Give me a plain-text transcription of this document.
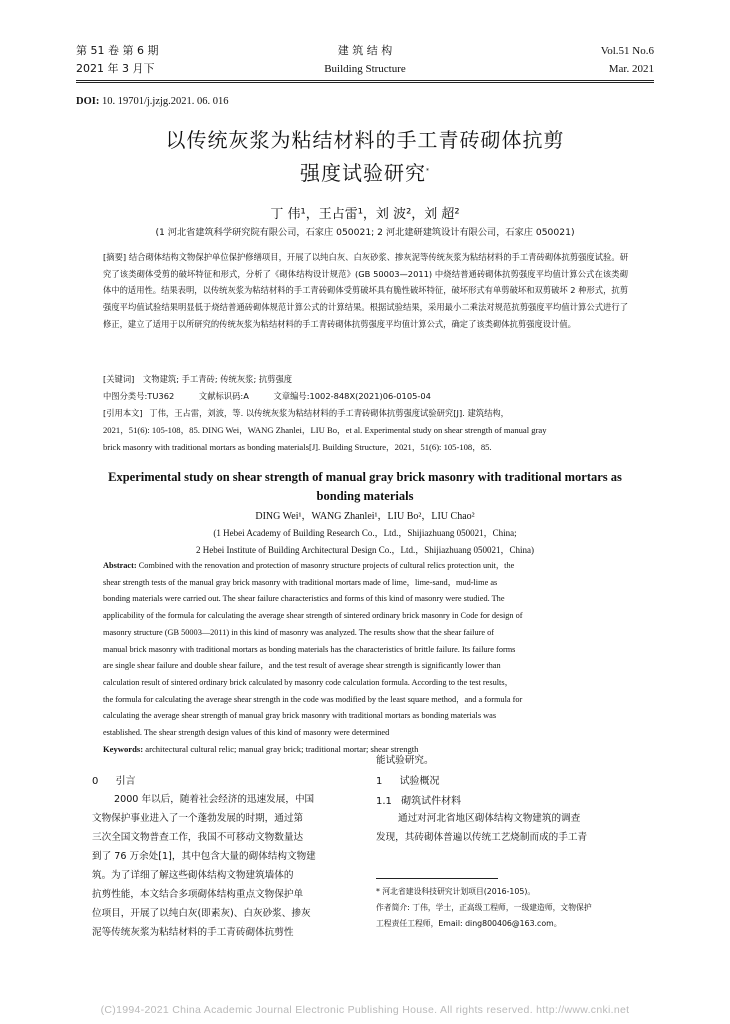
第 51 卷 第 6 期
2021 年 3 月下
建 筑 结 构
Building Structure
Vol.51 No.6
Mar. 2021
DOI: 10. 19701/j.jzjg.2021. 06. 016
以传统灰浆为粘结材料的手工青砖砌体抗剪
强度试验研究*
丁 伟¹，王占雷¹，刘 波²，刘 超²
(1 河北省建筑科学研究院有限公司，石家庄 050021; 2 河北建研建筑设计有限公司，石家庄 050021)
[摘要] 结合砌体结构文物保护单位保护修缮项目，开展了以纯白灰、白灰砂浆、掺灰泥等传统灰浆为粘结材料的手工青砖砌体抗剪强度试验。研究了该类砌体受剪的破坏特征和形式，分析了《砌体结构设计规范》(GB 50003—2011) 中烧结普通砖砌体抗剪强度平均值计算公式在该类砌体中的适用性。结果表明，以传统灰浆为粘结材料的手工青砖砌体受剪破坏具有脆性破坏特征，破坏形式有单剪破坏和双剪破坏 2 种形式，抗剪强度平均值试验结果明显低于烧结普通砖砌体规范计算公式的计算结果。根据试验结果，采用最小二乘法对规范抗剪强度平均值计算公式进行了修正，建立了适用于以所研究的传统灰浆为粘结材料的手工青砖砌体抗剪强度平均值计算公式，确定了该类砌体抗剪强度设计值。
[关键词] 文物建筑; 手工青砖; 传统灰浆; 抗剪强度
中图分类号:TU362	文献标识码:A	文章编号:1002-848X(2021)06-0105-04
[引用本文] 丁伟，王占雷，刘波，等. 以传统灰浆为粘结材料的手工青砖砌体抗剪强度试验研究[J]. 建筑结构，
2021，51(6): 105-108，85. DING Wei，WANG Zhanlei，LIU Bo，et al. Experimental study on shear strength of manual gray
brick masonry with traditional mortars as bonding materials[J]. Building Structure，2021，51(6): 105-108，85.
Experimental study on shear strength of manual gray brick masonry with traditional mortars as
bonding materials
DING Wei¹，WANG Zhanlei¹，LIU Bo²，LIU Chao²
(1 Hebei Academy of Building Research Co.，Ltd.，Shijiazhuang 050021，China;
2 Hebei Institute of Building Architectural Design Co.，Ltd.，Shijiazhuang 050021，China)
Abstract: Combined with the renovation and protection of masonry structure projects of cultural relics protection unit，the
shear strength tests of the manual gray brick masonry with traditional mortars made of lime，lime-sand，mud-lime as
bonding materials were carried out. The shear failure characteristics and forms of this kind of masonry were studied. The
applicability of the formula for calculating the average shear strength of sintered ordinary brick masonry in Code for design of
masonry structure (GB 50003—2011) in this kind of masonry was analyzed. The results show that the shear failure of
manual brick masonry with traditional mortars as bonding materials has the characteristics of brittle failure. Its failure forms
are single shear failure and double shear failure，and the test result of average shear strength is significantly lower than
calculation result of sintered ordinary brick calculated by masonry code calculation formula. According to the test results，
the formula for calculating the average shear strength in the code was modified by the least square method，and a formula for
calculating the average shear strength of manual gray brick masonry with traditional mortars as bonding materials was
established. The shear strength design values of this kind of masonry were determined
Keywords: architectural cultural relic; manual gray brick; traditional mortar; shear strength
0 引言
2000 年以后，随着社会经济的迅速发展，中国
文物保护事业进入了一个蓬勃发展的时期，通过第
三次全国文物普查工作，我国不可移动文物数量达
到了 76 万余处[1]，其中包含大量的砌体结构文物建
筑。为了详细了解这些砌体结构文物建筑墙体的
抗剪性能，本文结合多项砌体结构重点文物保护单
位项目，开展了以纯白灰(即素灰)、白灰砂浆、掺灰
泥等传统灰浆为粘结材料的手工青砖砌体抗剪性
能试验研究。
1 试验概况
1.1 砌筑试件材料
通过对河北省地区砌体结构文物建筑的调查
发现，其砖砌体普遍以传统工艺烧制而成的手工青
* 河北省建设科技研究计划项目(2016-105)。
作者简介: 丁伟，学士，正高级工程师，一级建造师，文物保护
工程责任工程师，Email: ding800406@163.com。
(C)1994-2021 China Academic Journal Electronic Publishing House. All rights reserved. http://www.cnki.net
